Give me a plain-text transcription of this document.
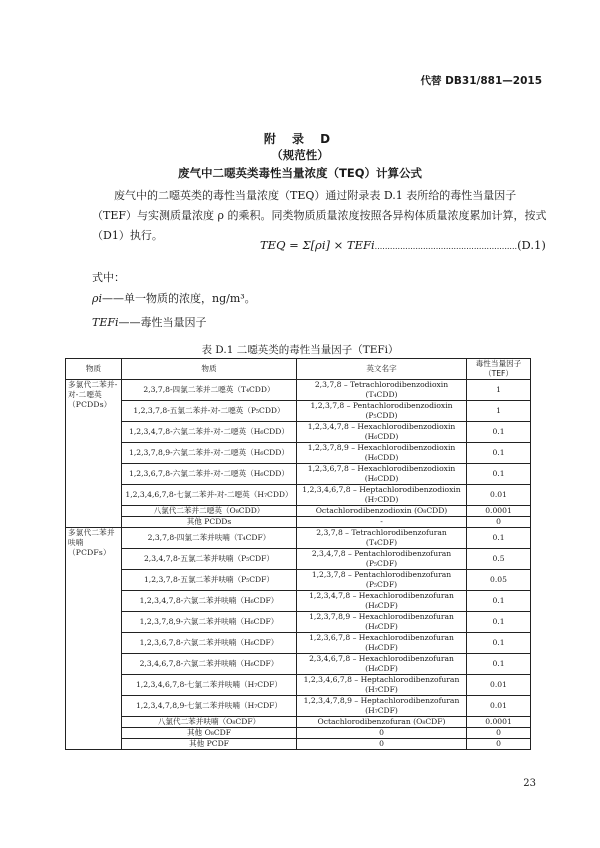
代替 DB31/881—2015
附 录 D
（规范性）
废气中二噁英类毒性当量浓度（TEQ）计算公式
废气中的二噁英类的毒性当量浓度（TEQ）通过附录表 D.1 表所给的毒性当量因子（TEF）与实测质量浓度 ρ 的乘积。同类物质质量浓度按照各异构体质量浓度累加计算，按式（D1）执行。
TEQ = Σ[ρi] × TEFi........................................................(D.1)
式中：
ρi——单一物质的浓度，ng/m³。
TEFi——毒性当量因子
表 D.1 二噁英类的毒性当量因子（TEFi）
物质	物质	英文名字	毒性当量因子
（TEF）
多氯代二苯并-对-二噁英（PCDDs）	2,3,7,8-四氯二苯并二噁英（T₄CDD）	2,3,7,8 – Tetrachlorodibenzodioxin (T₄CDD)	1
	1,2,3,7,8-五氯二苯并-对-二噁英（P₅CDD）	1,2,3,7,8 – Pentachlorodibenzodioxin (P₅CDD)	1
	1,2,3,4,7,8-六氯二苯并-对-二噁英（H₆CDD）	1,2,3,4,7,8 – Hexachlorodibenzodioxin (H₆CDD)	0.1
	1,2,3,7,8,9-六氯二苯并-对-二噁英（H₆CDD）	1,2,3,7,8,9 – Hexachlorodibenzodioxin (H₆CDD)	0.1
	1,2,3,6,7,8-六氯二苯并-对-二噁英（H₆CDD）	1,2,3,6,7,8 – Hexachlorodibenzodioxin (H₆CDD)	0.1
	1,2,3,4,6,7,8-七氯二苯并-对-二噁英（H₇CDD）	1,2,3,4,6,7,8 – Heptachlorodibenzodioxin (H₇CDD)	0.01
	八氯代二苯并二噁英（O₈CDD）	Octachlorodibenzodioxin (O₈CDD)	0.0001
	其他 PCDDs	-	0
多氯代二苯并呋喃（PCDFs）	2,3,7,8-四氯二苯并呋喃（T₄CDF）	2,3,7,8 – Tetrachlorodibenzofuran (T₄CDF)	0.1
	2,3,4,7,8-五氯二苯并呋喃（P₅CDF）	2,3,4,7,8 – Pentachlorodibenzofuran (P₅CDF)	0.5
	1,2,3,7,8-五氯二苯并呋喃（P₅CDF）	1,2,3,7,8 – Pentachlorodibenzofuran (P₅CDF)	0.05
	1,2,3,4,7,8-六氯二苯并呋喃（H₆CDF）	1,2,3,4,7,8 – Hexachlorodibenzofuran (H₆CDF)	0.1
	1,2,3,7,8,9-六氯二苯并呋喃（H₆CDF）	1,2,3,7,8,9 – Hexachlorodibenzofuran (H₆CDF)	0.1
	1,2,3,6,7,8-六氯二苯并呋喃（H₆CDF）	1,2,3,6,7,8 – Hexachlorodibenzofuran (H₆CDF)	0.1
	2,3,4,6,7,8-六氯二苯并呋喃（H₆CDF）	2,3,4,6,7,8 – Hexachlorodibenzofuran (H₆CDF)	0.1
	1,2,3,4,6,7,8-七氯二苯并呋喃（H₇CDF）	1,2,3,4,6,7,8 – Heptachlorodibenzofuran (H₇CDF)	0.01
	1,2,3,4,7,8,9-七氯二苯并呋喃（H₇CDF）	1,2,3,4,7,8,9 – Heptachlorodibenzofuran (H₇CDF)	0.01
	八氯代二苯并呋喃（O₈CDF）	Octachlorodibenzofuran (O₈CDF)	0.0001
	其他 O₈CDF	0	0
	其他 PCDF	0	0
23
